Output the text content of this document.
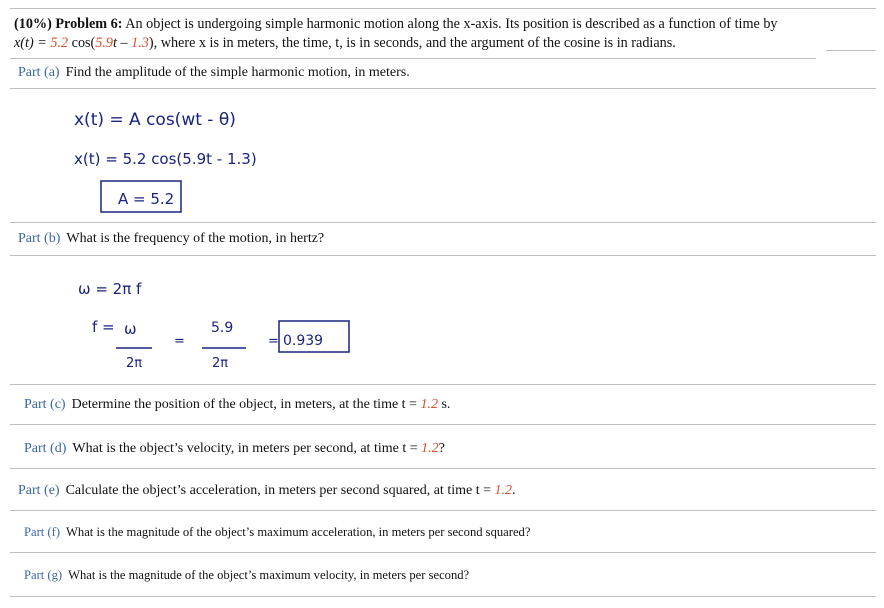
(10%) Problem 6: An object is undergoing simple harmonic motion along the x-axis. Its position is described as a function of time by
x(t) = 5.2 cos(5.9t – 1.3), where x is in meters, the time, t, is in seconds, and the argument of the cosine is in radians.
Part (a) Find the amplitude of the simple harmonic motion, in meters.
Part (b) What is the frequency of the motion, in hertz?
Part (c) Determine the position of the object, in meters, at the time t = 1.2 s.
Part (d) What is the object’s velocity, in meters per second, at time t = 1.2?
Part (e) Calculate the object’s acceleration, in meters per second squared, at time t = 1.2.
Part (f) What is the magnitude of the object’s maximum acceleration, in meters per second squared?
Part (g) What is the magnitude of the object’s maximum velocity, in meters per second?
x(t) = A cos(wt - θ)
x(t) = 5.2 cos(5.9t - 1.3)
A = 5.2
ω = 2π f
f = ω
2π
=
5.9
2π
= 0.939
